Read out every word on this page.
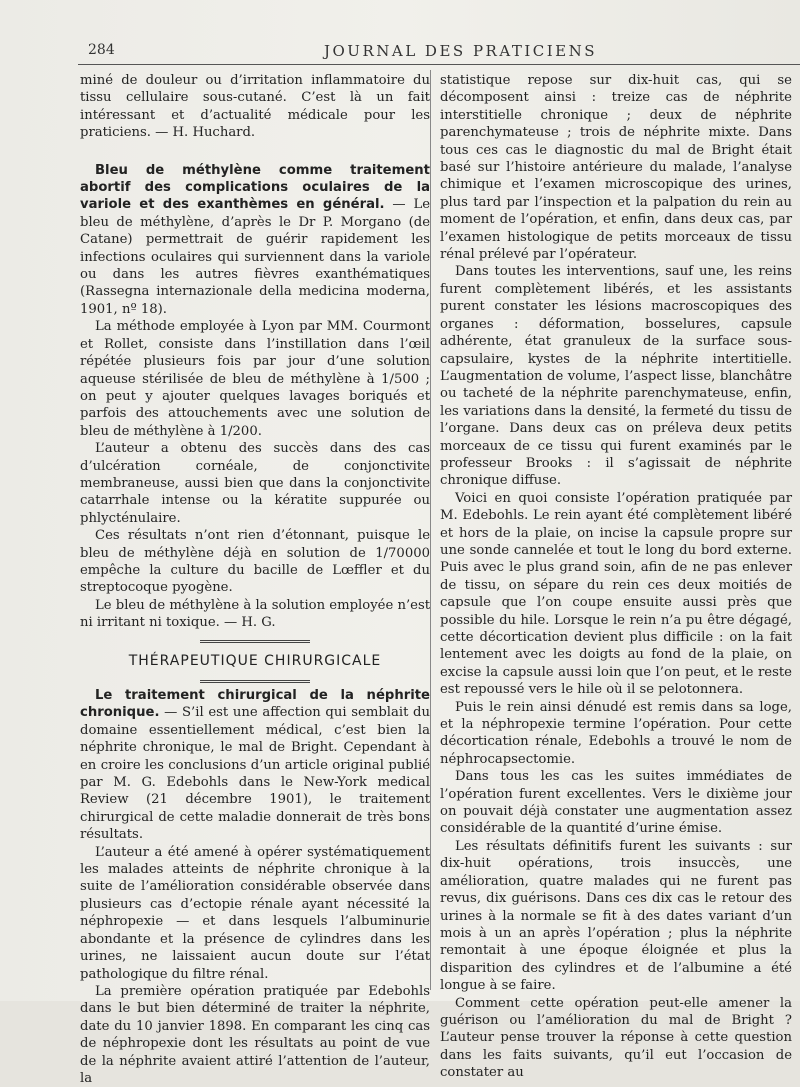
284	JOURNAL DES PRATICIENS

miné de douleur ou d’irritation inflammatoire du tissu cellulaire sous-cutané. C’est là un fait intéressant et d’actualité médicale pour les praticiens. — H. Huchard.

Bleu de méthylène comme traitement abortif des complications oculaires de la variole et des exanthèmes en général. — Le bleu de méthylène, d’après le Dr P. Morgano (de Catane) permettrait de guérir rapidement les infections oculaires qui surviennent dans la variole ou dans les autres fièvres exanthématiques (Rassegna internazionale della medicina moderna, 1901, nº 18).

La méthode employée à Lyon par MM. Courmont et Rollet, consiste dans l’instillation dans l’œil répétée plusieurs fois par jour d’une solution aqueuse stérilisée de bleu de méthylène à 1/500 ; on peut y ajouter quelques lavages boriqués et parfois des attouchements avec une solution de bleu de méthylène à 1/200.

L’auteur a obtenu des succès dans des cas d’ulcération cornéale, de conjonctivite membraneuse, aussi bien que dans la conjonctivite catarrhale intense ou la kératite suppurée ou phlycténulaire.

Ces résultats n’ont rien d’étonnant, puisque le bleu de méthylène déjà en solution de 1/70000 empêche la culture du bacille de Lœffler et du streptocoque pyogène.

Le bleu de méthylène à la solution employée n’est ni irritant ni toxique. — H. G.

THÉRAPEUTIQUE CHIRURGICALE

Le traitement chirurgical de la néphrite chronique. — S’il est une affection qui semblait du domaine essentiellement médical, c’est bien la néphrite chronique, le mal de Bright. Cependant à en croire les conclusions d’un article original publié par M. G. Edebohls dans le New-York medical Review (21 décembre 1901), le traitement chirurgical de cette maladie donnerait de très bons résultats.

L’auteur a été amené à opérer systématiquement les malades atteints de néphrite chronique à la suite de l’amélioration considérable observée dans plusieurs cas d’ectopie rénale ayant nécessité la néphropexie — et dans lesquels l’albuminurie abondante et la présence de cylindres dans les urines, ne laissaient aucun doute sur l’état pathologique du filtre rénal.

La première opération pratiquée par Edebohls dans le but bien déterminé de traiter la néphrite, date du 10 janvier 1898. En comparant les cinq cas de néphropexie dont les résultats au point de vue de la néphrite avaient attiré l’attention de l’auteur, la

statistique repose sur dix-huit cas, qui se décomposent ainsi : treize cas de néphrite interstitielle chronique ; deux de néphrite parenchymateuse ; trois de néphrite mixte. Dans tous ces cas le diagnostic du mal de Bright était basé sur l’histoire antérieure du malade, l’analyse chimique et l’examen microscopique des urines, plus tard par l’inspection et la palpation du rein au moment de l’opération, et enfin, dans deux cas, par l’examen histologique de petits morceaux de tissu rénal prélevé par l’opérateur.

Dans toutes les interventions, sauf une, les reins furent complètement libérés, et les assistants purent constater les lésions macroscopiques des organes : déformation, bosselures, capsule adhérente, état granuleux de la surface sous-capsulaire, kystes de la néphrite intertitielle. L’augmentation de volume, l’aspect lisse, blanchâtre ou tacheté de la néphrite parenchymateuse, enfin, les variations dans la densité, la fermeté du tissu de l’organe. Dans deux cas on préleva deux petits morceaux de ce tissu qui furent examinés par le professeur Brooks : il s’agissait de néphrite chronique diffuse.

Voici en quoi consiste l’opération pratiquée par M. Edebohls. Le rein ayant été complètement libéré et hors de la plaie, on incise la capsule propre sur une sonde cannelée et tout le long du bord externe. Puis avec le plus grand soin, afin de ne pas enlever de tissu, on sépare du rein ces deux moitiés de capsule que l’on coupe ensuite aussi près que possible du hile. Lorsque le rein n’a pu être dégagé, cette décortication devient plus difficile : on la fait lentement avec les doigts au fond de la plaie, on excise la capsule aussi loin que l’on peut, et le reste est repoussé vers le hile où il se pelotonnera.

Puis le rein ainsi dénudé est remis dans sa loge, et la néphropexie termine l’opération. Pour cette décortication rénale, Edebohls a trouvé le nom de néphrocapsectomie.

Dans tous les cas les suites immédiates de l’opération furent excellentes. Vers le dixième jour on pouvait déjà constater une augmentation assez considérable de la quantité d’urine émise.

Les résultats définitifs furent les suivants : sur dix-huit opérations, trois insuccès, une amélioration, quatre malades qui ne furent pas revus, dix guérisons. Dans ces dix cas le retour des urines à la normale se fit à des dates variant d’un mois à un an après l’opération ; plus la néphrite remontait à une époque éloignée et plus la disparition des cylindres et de l’albumine a été longue à se faire.

Comment cette opération peut-elle amener la guérison ou l’amélioration du mal de Bright ? L’auteur pense trouver la réponse à cette question dans les faits suivants, qu’il eut l’occasion de constater au
